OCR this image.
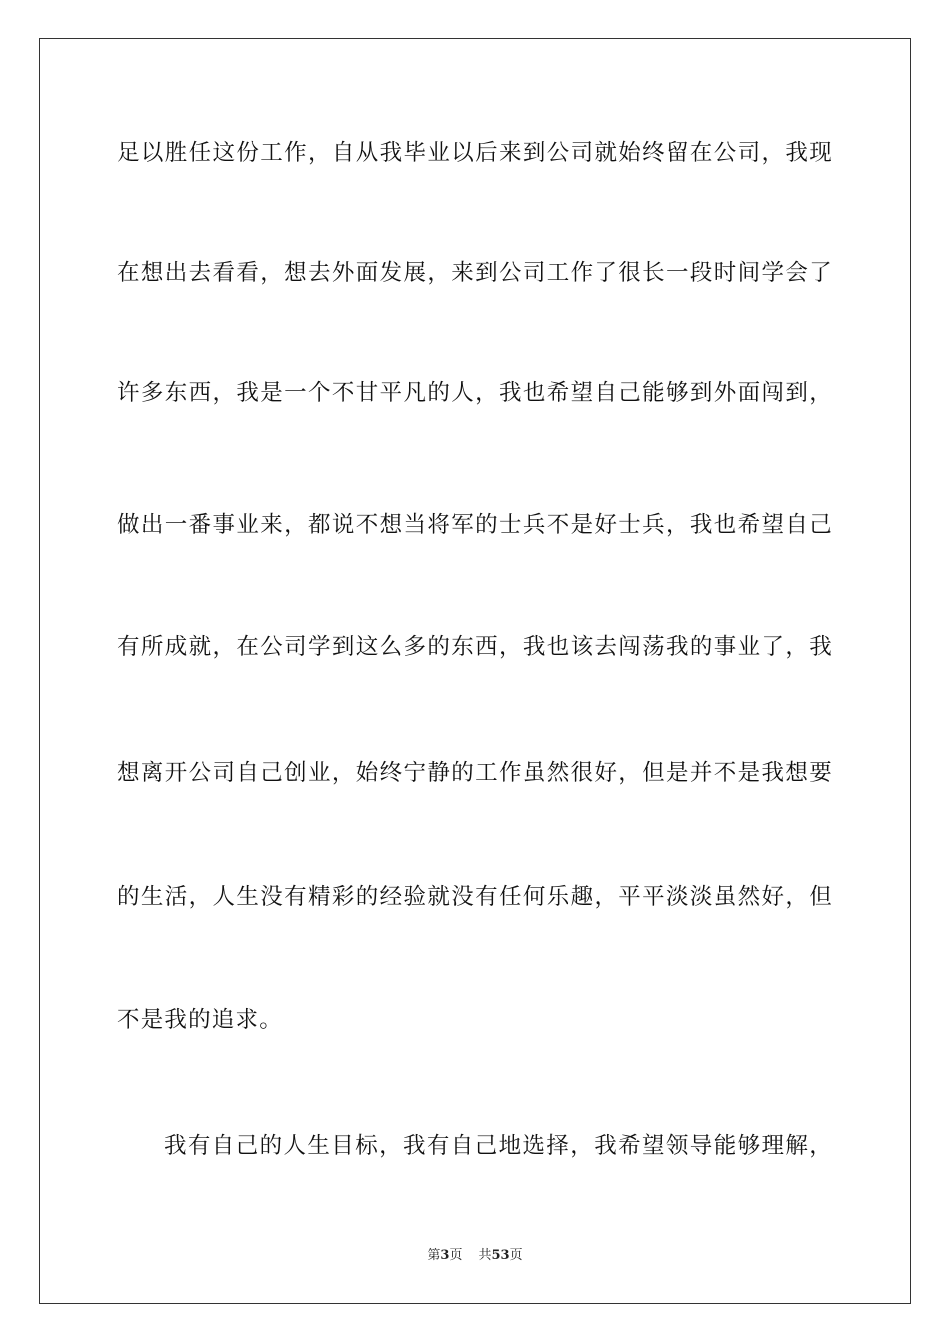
足以胜任这份工作，自从我毕业以后来到公司就始终留在公司，我现
在想出去看看，想去外面发展，来到公司工作了很长一段时间学会了
许多东西，我是一个不甘平凡的人，我也希望自己能够到外面闯到，
做出一番事业来，都说不想当将军的士兵不是好士兵，我也希望自己
有所成就，在公司学到这么多的东西，我也该去闯荡我的事业了，我
想离开公司自己创业，始终宁静的工作虽然很好，但是并不是我想要
的生活，人生没有精彩的经验就没有任何乐趣，平平淡淡虽然好，但
不是我的追求。
我有自己的人生目标，我有自己地选择，我希望领导能够理解，
第3页 共53页
